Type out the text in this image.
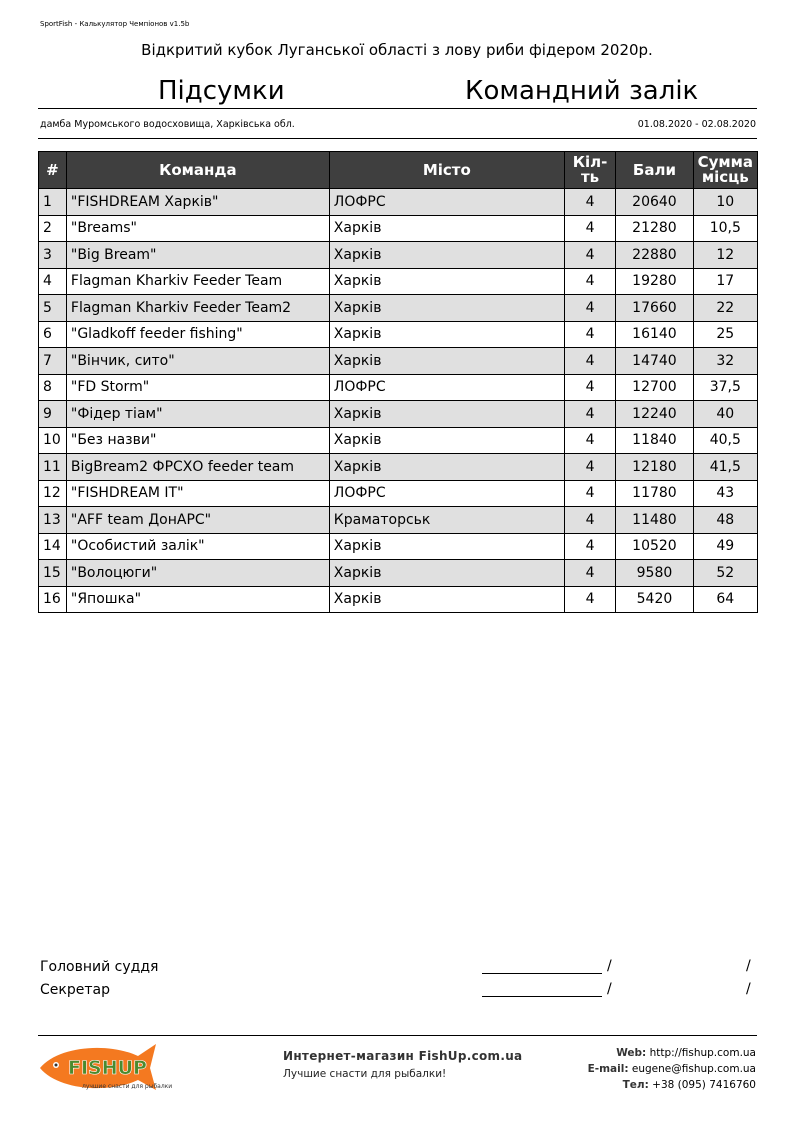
SportFish - Калькулятор Чемпіонов v1.5b
Відкритий кубок Луганської області з лову риби фідером 2020р.
Підсумки	Командний залік
дамба Муромського водосховища, Харківська обл.	01.08.2020 - 02.08.2020
#	Команда	Місто	Кіл-ть	Бали	Сумма місць
1	"FISHDREAM Харків"	ЛОФРС	4	20640	10
2	"Breams"	Харків	4	21280	10,5
3	"Big Bream"	Харків	4	22880	12
4	Flagman Kharkiv Feeder Team	Харків	4	19280	17
5	Flagman Kharkiv Feeder Team2	Харків	4	17660	22
6	"Gladkoff feeder fishing"	Харків	4	16140	25
7	"Вінчик, сито"	Харків	4	14740	32
8	"FD Storm"	ЛОФРС	4	12700	37,5
9	"Фідер тіам"	Харків	4	12240	40
10	"Без назви"	Харків	4	11840	40,5
11	BigBream2 ФРСХО feeder team	Харків	4	12180	41,5
12	"FISHDREAM IT"	ЛОФРС	4	11780	43
13	"AFF team ДонАРС"	Краматорськ	4	11480	48
14	"Особистий залік"	Харків	4	10520	49
15	"Волоцюги"	Харків	4	9580	52
16	"Япошка"	Харків	4	5420	64
Головний суддя	/	/
Секретар	/	/
FISHUP
лучшие снасти для рыбалки
Интернет-магазин FishUp.com.ua
Лучшие снасти для рыбалки!
Web: http://fishup.com.ua
E-mail: eugene@fishup.com.ua
Тел: +38 (095) 7416760
